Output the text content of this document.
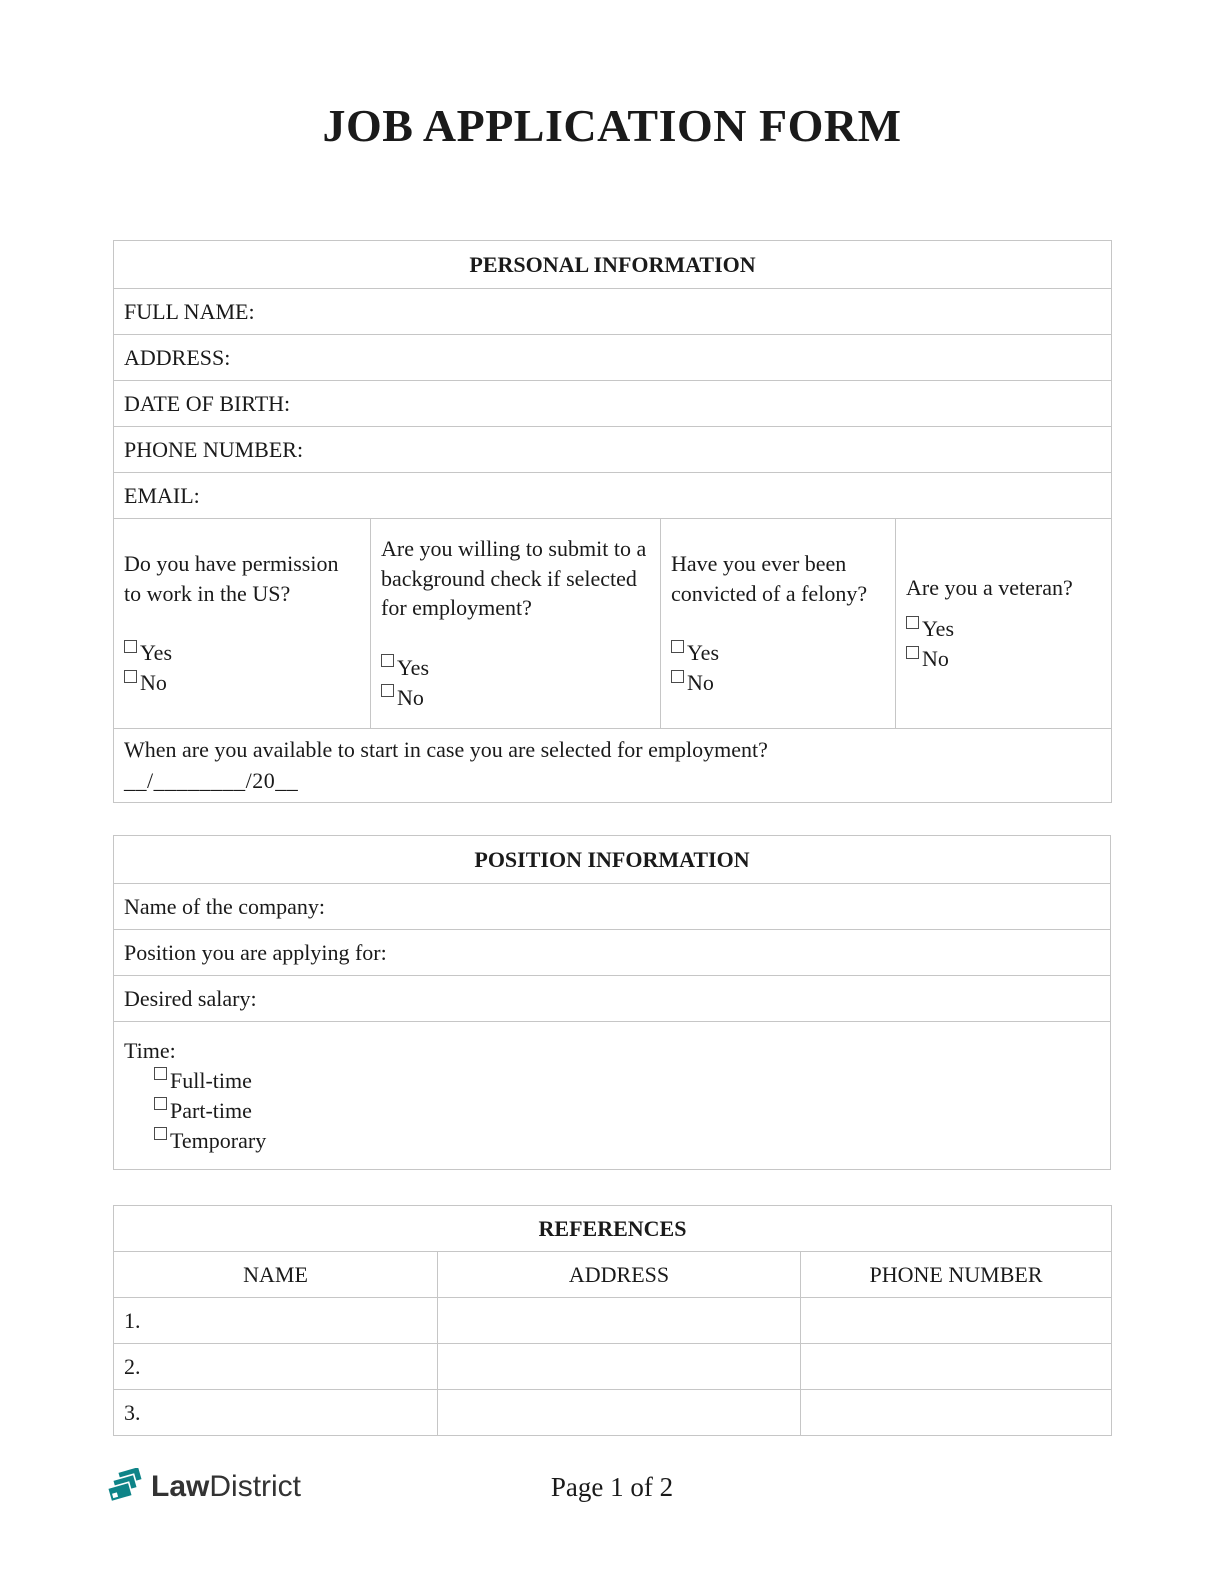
JOB APPLICATION FORM
PERSONAL INFORMATION
FULL NAME:
ADDRESS:
DATE OF BIRTH:
PHONE NUMBER:
EMAIL:

Do you have permission to work in the US?
Yes
No

Are you willing to submit to a background check if selected for employment?
Yes
No

Have you ever been convicted of a felony?
Yes
No

Are you a veteran?
Yes
No

When are you available to start in case you are selected for employment?
__/________/20__
POSITION INFORMATION
Name of the company:
Position you are applying for:
Desired salary:

Time:
Full-time
Part-time
Temporary
REFERENCES		
NAME	ADDRESS	PHONE NUMBER
1.		
2.		
3.		
LawDistrict	Page 1 of 2
